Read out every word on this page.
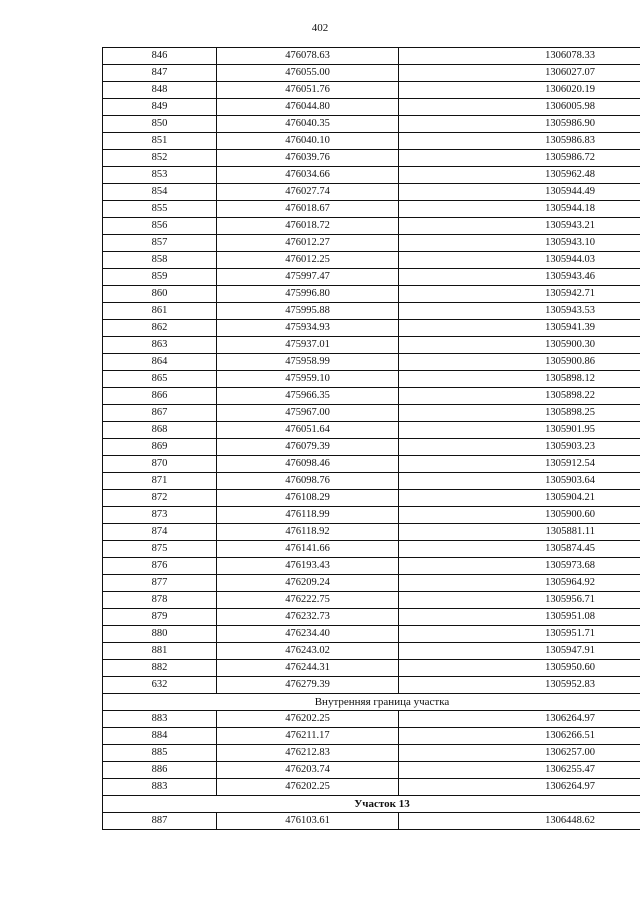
402
846	476078.63	1306078.33
847	476055.00	1306027.07
848	476051.76	1306020.19
849	476044.80	1306005.98
850	476040.35	1305986.90
851	476040.10	1305986.83
852	476039.76	1305986.72
853	476034.66	1305962.48
854	476027.74	1305944.49
855	476018.67	1305944.18
856	476018.72	1305943.21
857	476012.27	1305943.10
858	476012.25	1305944.03
859	475997.47	1305943.46
860	475996.80	1305942.71
861	475995.88	1305943.53
862	475934.93	1305941.39
863	475937.01	1305900.30
864	475958.99	1305900.86
865	475959.10	1305898.12
866	475966.35	1305898.22
867	475967.00	1305898.25
868	476051.64	1305901.95
869	476079.39	1305903.23
870	476098.46	1305912.54
871	476098.76	1305903.64
872	476108.29	1305904.21
873	476118.99	1305900.60
874	476118.92	1305881.11
875	476141.66	1305874.45
876	476193.43	1305973.68
877	476209.24	1305964.92
878	476222.75	1305956.71
879	476232.73	1305951.08
880	476234.40	1305951.71
881	476243.02	1305947.91
882	476244.31	1305950.60
632	476279.39	1305952.83
Внутренняя граница участка		
883	476202.25	1306264.97
884	476211.17	1306266.51
885	476212.83	1306257.00
886	476203.74	1306255.47
883	476202.25	1306264.97
Участок 13		
887	476103.61	1306448.62
